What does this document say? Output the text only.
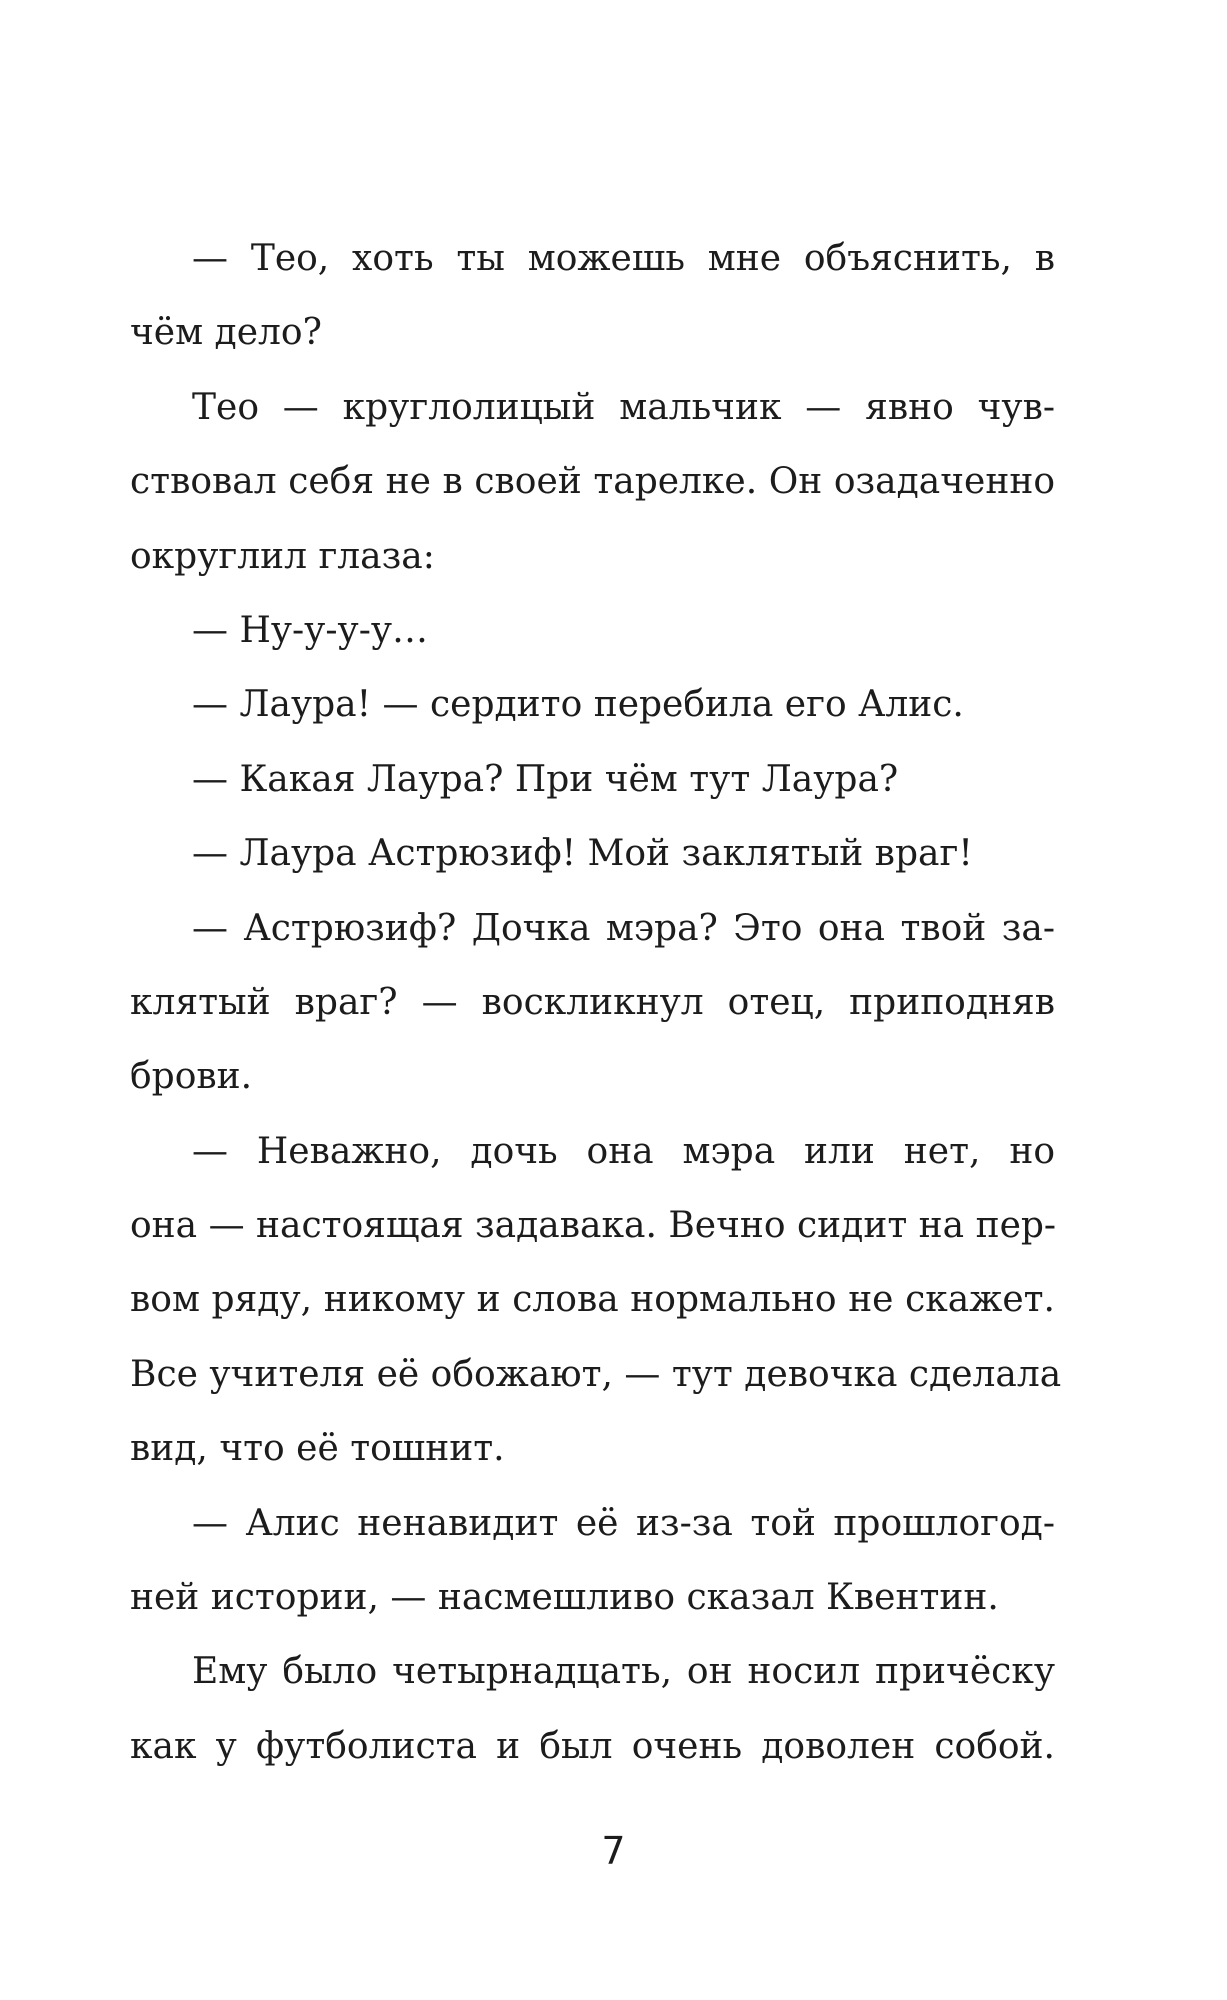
— Тео, хоть ты можешь мне объяснить, в
чём дело?
Тео — круглолицый мальчик — явно чув-
ствовал себя не в своей тарелке. Он озадаченно
округлил глаза:
— Ну-у-у-у…
— Лаура! — сердито перебила его Алис.
— Какая Лаура? При чём тут Лаура?
— Лаура Астрюзиф! Мой заклятый враг!
— Астрюзиф? Дочка мэра? Это она твой за-
клятый враг? — воскликнул отец, приподняв
брови.
— Неважно, дочь она мэра или нет, но
она — настоящая задавака. Вечно сидит на пер-
вом ряду, никому и слова нормально не скажет.
Все учителя её обожают, — тут девочка сделала
вид, что её тошнит.
— Алис ненавидит её из-за той прошлогод-
ней истории, — насмешливо сказал Квентин.
Ему было четырнадцать, он носил причёску
как у футболиста и был очень доволен собой.
7
